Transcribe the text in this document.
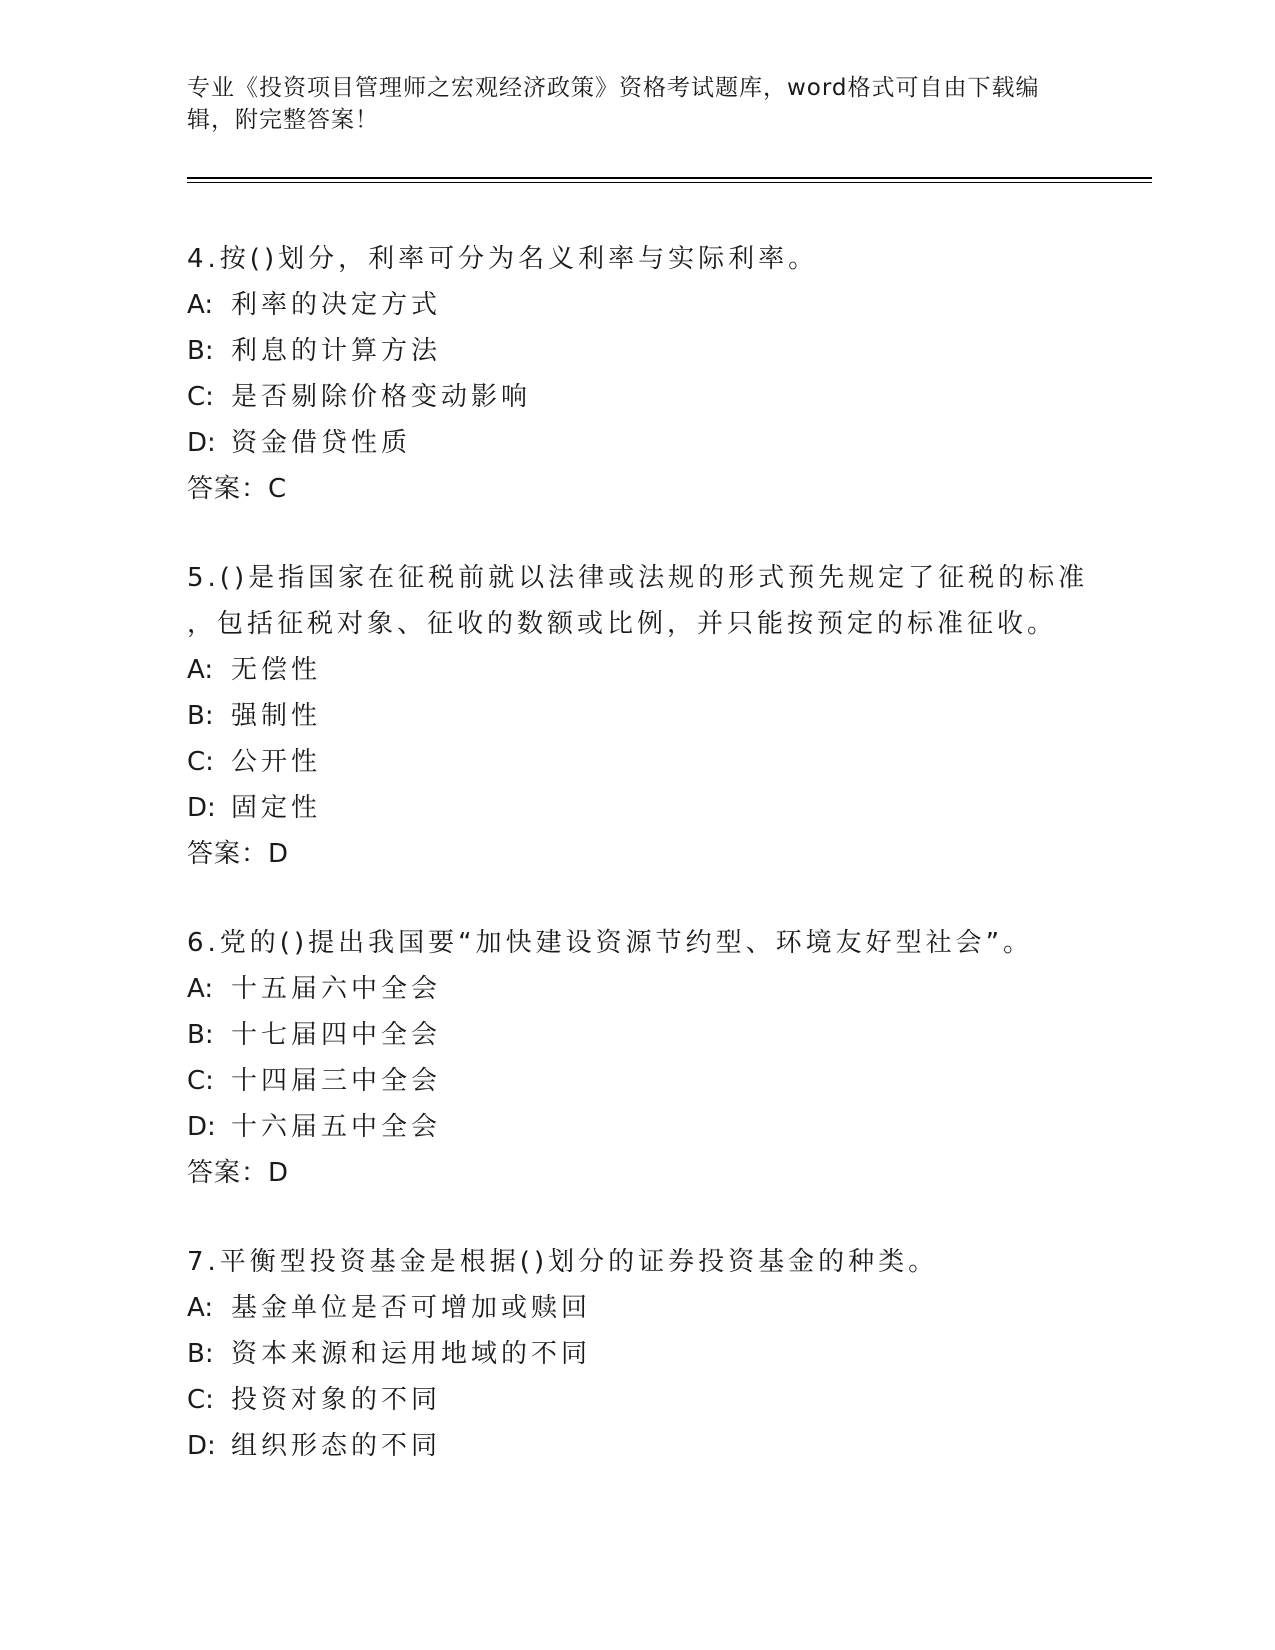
专业《投资项目管理师之宏观经济政策》资格考试题库，word格式可自由下载编辑，附完整答案！
4.按()划分，利率可分为名义利率与实际利率。
A: 利率的决定方式
B: 利息的计算方法
C: 是否剔除价格变动影响
D: 资金借贷性质
答案：C
5.()是指国家在征税前就以法律或法规的形式预先规定了征税的标准
，包括征税对象、征收的数额或比例，并只能按预定的标准征收。
A: 无偿性
B: 强制性
C: 公开性
D: 固定性
答案：D
6.党的()提出我国要“加快建设资源节约型、环境友好型社会”。
A: 十五届六中全会
B: 十七届四中全会
C: 十四届三中全会
D: 十六届五中全会
答案：D
7.平衡型投资基金是根据()划分的证券投资基金的种类。
A: 基金单位是否可增加或赎回
B: 资本来源和运用地域的不同
C: 投资对象的不同
D: 组织形态的不同
